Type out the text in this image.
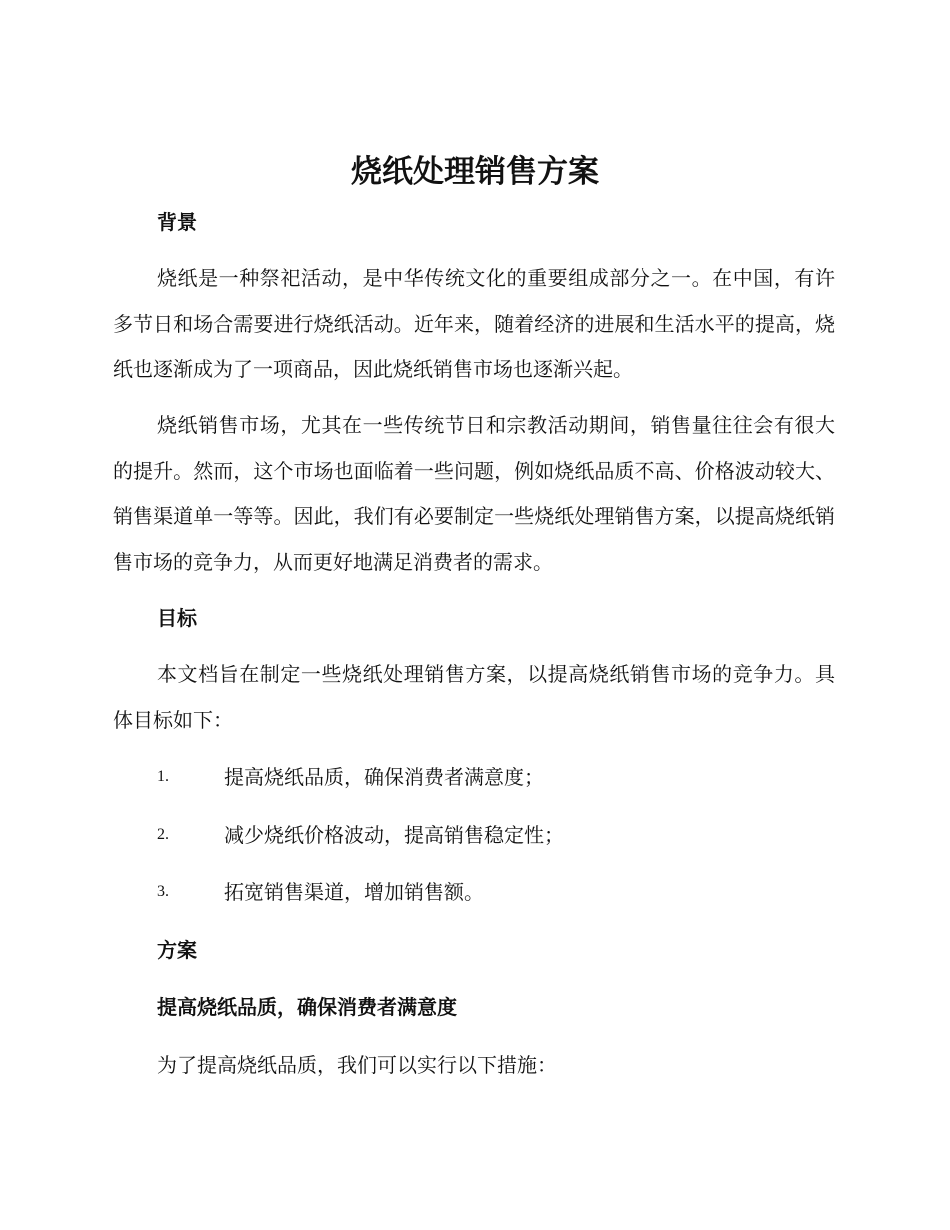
烧纸处理销售方案
背景

烧纸是一种祭祀活动，是中华传统文化的重要组成部分之一。在中国，有许多节日和场合需要进行烧纸活动。近年来，随着经济的进展和生活水平的提高，烧纸也逐渐成为了一项商品，因此烧纸销售市场也逐渐兴起。

烧纸销售市场，尤其在一些传统节日和宗教活动期间，销售量往往会有很大的提升。然而，这个市场也面临着一些问题，例如烧纸品质不高、价格波动较大、销售渠道单一等等。因此，我们有必要制定一些烧纸处理销售方案，以提高烧纸销售市场的竞争力，从而更好地满足消费者的需求。

目标

本文档旨在制定一些烧纸处理销售方案，以提高烧纸销售市场的竞争力。具体目标如下：

1.	提高烧纸品质，确保消费者满意度；
2.	减少烧纸价格波动，提高销售稳定性；
3.	拓宽销售渠道，增加销售额。
方案
提高烧纸品质，确保消费者满意度

为了提高烧纸品质，我们可以实行以下措施：
